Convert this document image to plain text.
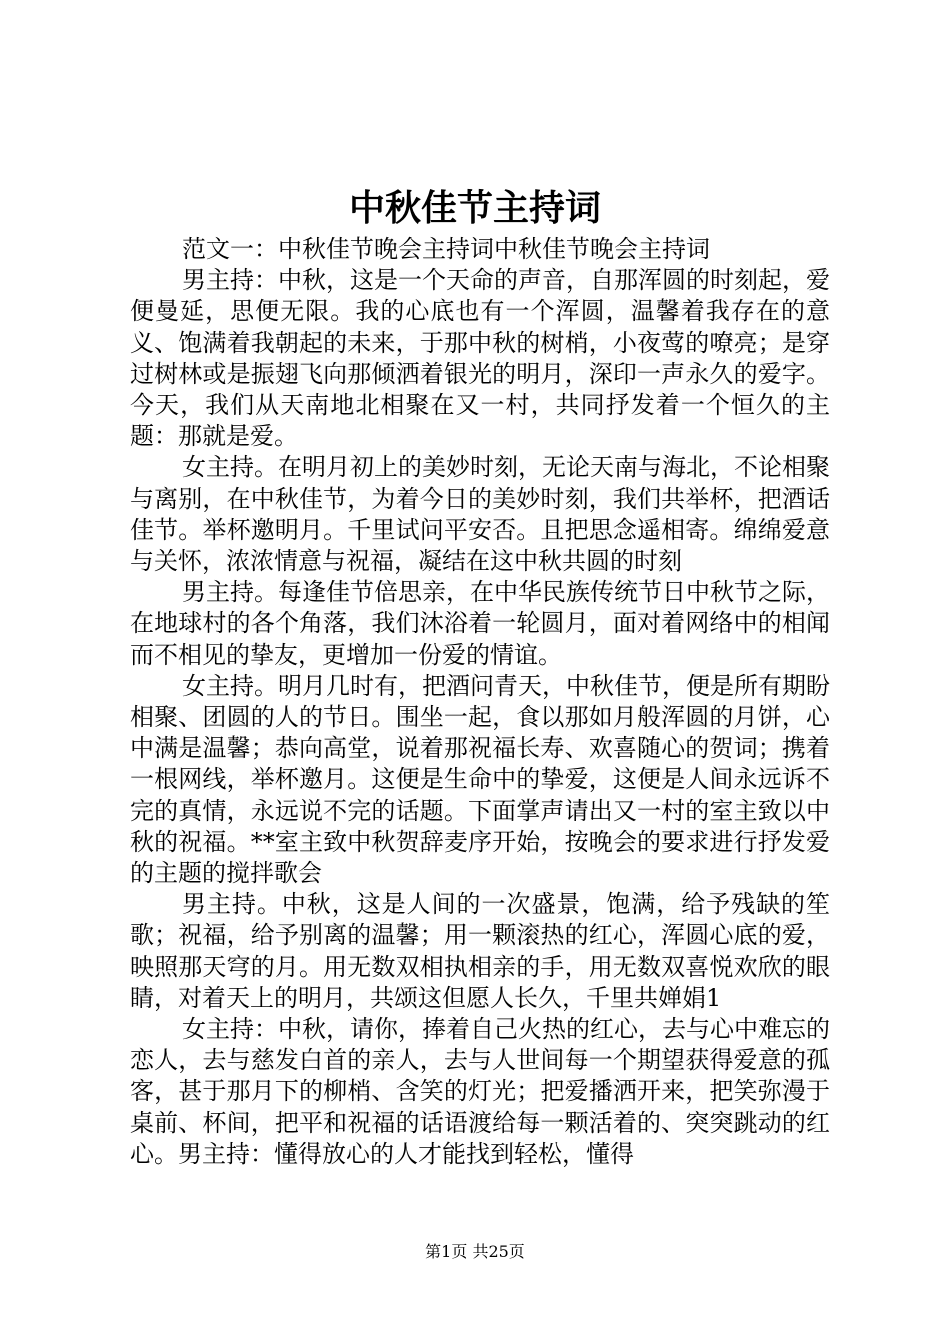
中秋佳节主持词

范文一：中秋佳节晚会主持词中秋佳节晚会主持词

男主持：中秋，这是一个天命的声音，自那浑圆的时刻起，爱便曼延，思便无限。我的心底也有一个浑圆，温馨着我存在的意义、饱满着我朝起的未来，于那中秋的树梢，小夜莺的嘹亮；是穿过树林或是振翅飞向那倾洒着银光的明月，深印一声永久的爱字。今天，我们从天南地北相聚在又一村，共同抒发着一个恒久的主题：那就是爱。

女主持。在明月初上的美妙时刻，无论天南与海北，不论相聚与离别，在中秋佳节，为着今日的美妙时刻，我们共举杯，把酒话佳节。举杯邀明月。千里试问平安否。且把思念遥相寄。绵绵爱意与关怀，浓浓情意与祝福，凝结在这中秋共圆的时刻

男主持。每逢佳节倍思亲，在中华民族传统节日中秋节之际，在地球村的各个角落，我们沐浴着一轮圆月，面对着网络中的相闻而不相见的挚友，更增加一份爱的情谊。

女主持。明月几时有，把酒问青天，中秋佳节，便是所有期盼相聚、团圆的人的节日。围坐一起，食以那如月般浑圆的月饼，心中满是温馨；恭向高堂，说着那祝福长寿、欢喜随心的贺词；携着一根网线，举杯邀月。这便是生命中的挚爱，这便是人间永远诉不完的真情，永远说不完的话题。下面掌声请出又一村的室主致以中秋的祝福。**室主致中秋贺辞麦序开始，按晚会的要求进行抒发爱的主题的搅拌歌会

男主持。中秋，这是人间的一次盛景，饱满，给予残缺的笙歌；祝福，给予别离的温馨；用一颗滚热的红心，浑圆心底的爱，映照那天穹的月。用无数双相执相亲的手，用无数双喜悦欢欣的眼睛，对着天上的明月，共颂这但愿人长久，千里共婵娟1

女主持：中秋，请你，捧着自己火热的红心，去与心中难忘的恋人，去与慈发白首的亲人，去与人世间每一个期望获得爱意的孤客，甚于那月下的柳梢、含笑的灯光；把爱播洒开来，把笑弥漫于桌前、杯间，把平和祝福的话语渡给每一颗活着的、突突跳动的红心。男主持：懂得放心的人才能找到轻松，懂得

第1页 共25页
